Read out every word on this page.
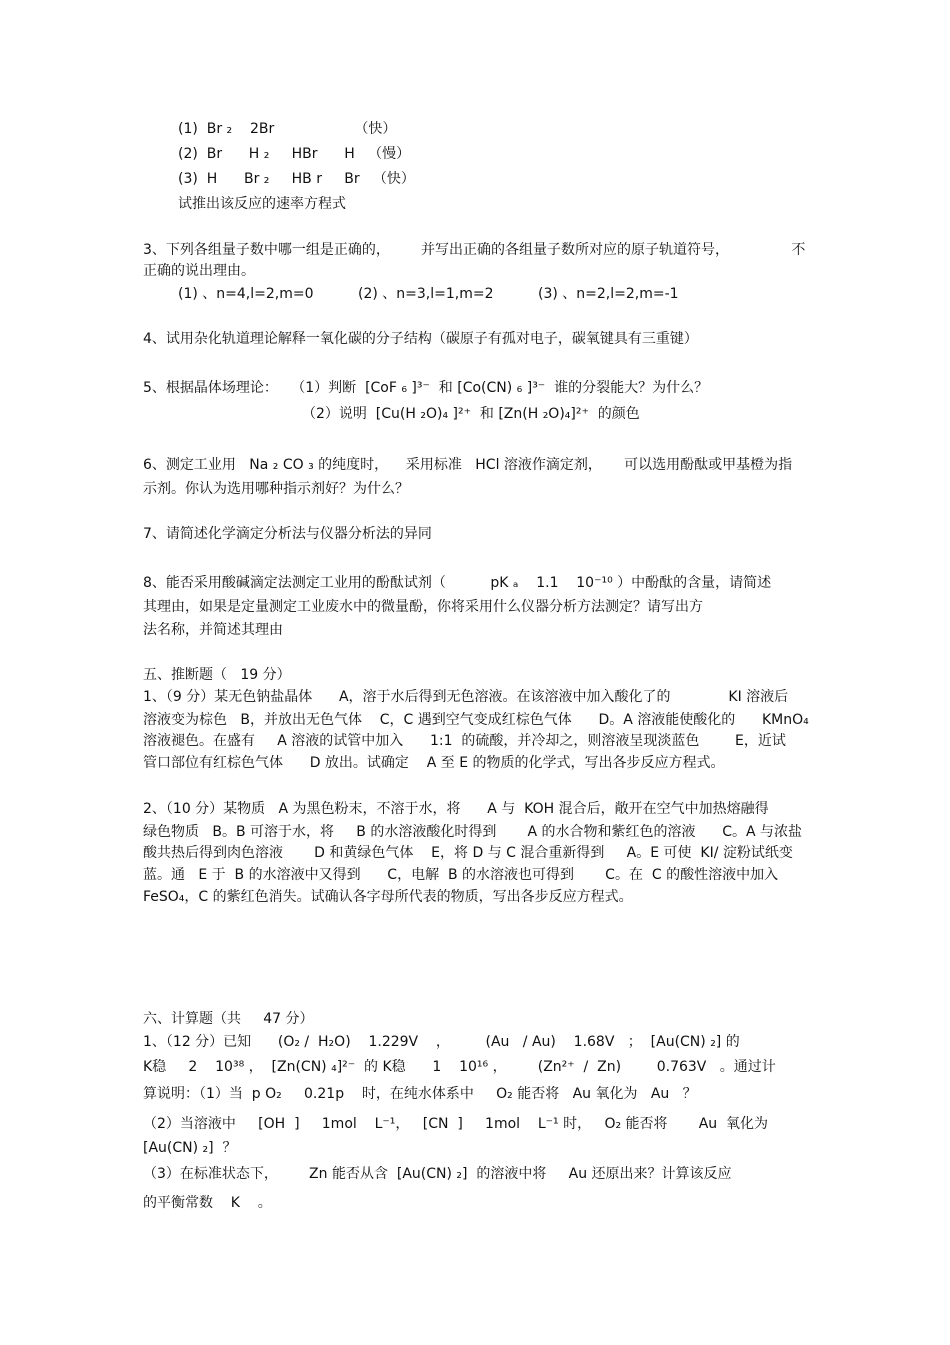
(1)  Br ₂    2Br                  （快）
(2)  Br      H ₂     HBr      H   （慢）
(3)  H      Br ₂     HB r     Br   （快）
试推出该反应的速率方程式
3、下列各组量子数中哪一组是正确的，       并写出正确的各组量子数所对应的原子轨道符号，              不
正确的说出理由。
(1) 、n=4,l=2,m=0          (2) 、n=3,l=1,m=2          (3) 、n=2,l=2,m=-1
4、试用杂化轨道理论解释一氧化碳的分子结构（碳原子有孤对电子，碳氧键具有三重键）
5、根据晶体场理论：   （1）判断  [CoF ₆ ]³⁻  和 [Co(CN) ₆ ]³⁻  谁的分裂能大？为什么？
（2）说明  [Cu(H ₂O)₄ ]²⁺  和 [Zn(H ₂O)₄]²⁺  的颜色
6、测定工业用   Na ₂ CO ₃ 的纯度时，    采用标准   HCl 溶液作滴定剂，     可以选用酚酞或甲基橙为指
示剂。你认为选用哪种指示剂好？为什么？
7、请简述化学滴定分析法与仪器分析法的异同
8、能否采用酸碱滴定法测定工业用的酚酞试剂（          pK ₐ    1.1    10⁻¹⁰ ）中酚酞的含量，请简述
其理由，如果是定量测定工业废水中的微量酚，你将采用什么仪器分析方法测定？请写出方
法名称，并简述其理由
五、推断题（   19 分）
1、（9 分）某无色钠盐晶体      A，溶于水后得到无色溶液。在该溶液中加入酸化了的             KI 溶液后
溶液变为棕色   B，并放出无色气体    C，C 遇到空气变成红棕色气体      D。A 溶液能使酸化的      KMnO₄
溶液褪色。在盛有     A 溶液的试管中加入      1:1  的硫酸，并冷却之，则溶液呈现淡蓝色        E，近试
管口部位有红棕色气体      D 放出。试确定    A 至 E 的物质的化学式，写出各步反应方程式。
2、（10 分）某物质   A 为黑色粉末，不溶于水，将      A 与  KOH 混合后，敞开在空气中加热熔融得
绿色物质   B。B 可溶于水，将     B 的水溶液酸化时得到       A 的水合物和紫红色的溶液      C。A 与浓盐
酸共热后得到肉色溶液       D 和黄绿色气体    E，将 D 与 C 混合重新得到     A。E 可使  KI/ 淀粉试纸变
蓝。通   E 于  B 的水溶液中又得到      C，电解  B 的水溶液也可得到       C。在  C 的酸性溶液中加入
FeSO₄，C 的紫红色消失。试确认各字母所代表的物质，写出各步反应方程式。
六、计算题（共     47 分）
1、（12 分）已知      (O₂ /  H₂O)    1.229V    ，        (Au   / Au)    1.68V   ；  [Au(CN) ₂] 的
K稳     2    10³⁸ ，  [Zn(CN) ₄]²⁻  的 K稳      1    10¹⁶ ，       (Zn²⁺  /  Zn)        0.763V   。通过计
算说明：（1）当  p O₂     0.21p    时，在纯水体系中     O₂ 能否将   Au 氧化为   Au   ？
（2）当溶液中     [OH  ]     1mol    L⁻¹，   [CN  ]     1mol    L⁻¹ 时，   O₂ 能否将       Au  氧化为
[Au(CN) ₂]  ？
（3）在标准状态下，       Zn 能否从含  [Au(CN) ₂]  的溶液中将     Au 还原出来？计算该反应
的平衡常数    K    。
